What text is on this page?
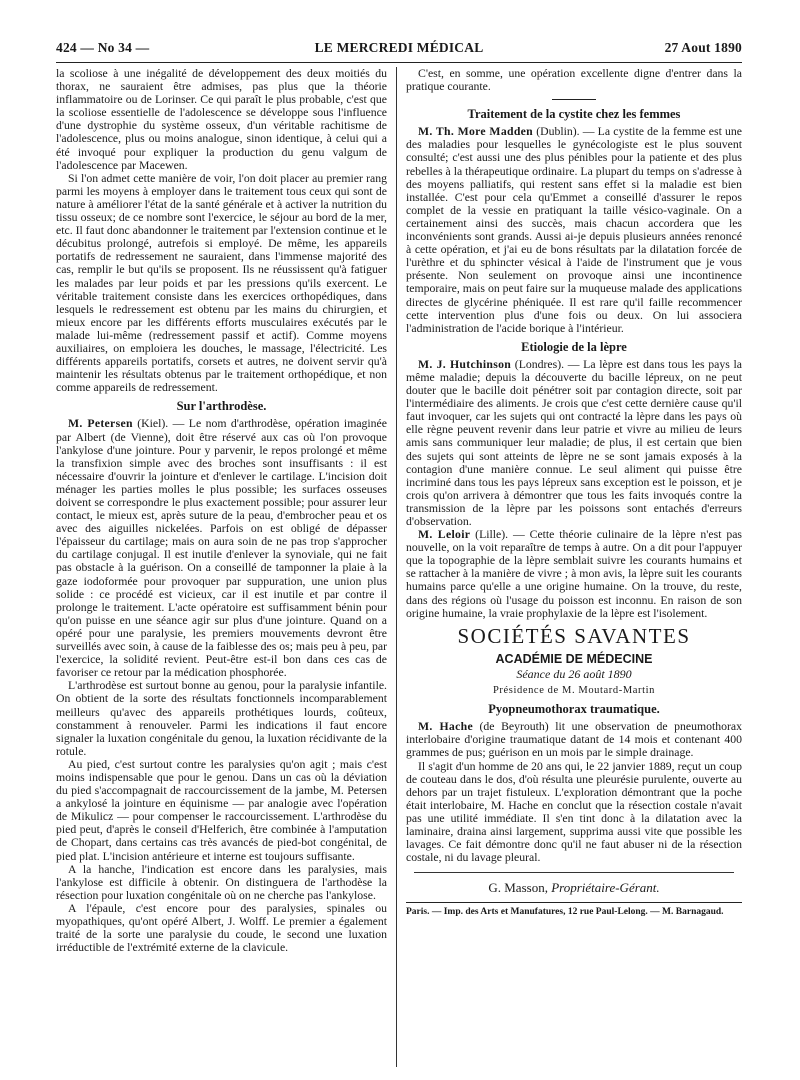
424 — No 34 —	LE MERCREDI MÉDICAL	27 Aout 1890

la scoliose à une inégalité de développement des deux moitiés du thorax, ne sauraient être admises, pas plus que la théorie inflammatoire ou de Lorinser. Ce qui paraît le plus probable, c'est que la scoliose essentielle de l'adolescence se développe sous l'influence d'une dystrophie du système osseux, d'un véritable rachitisme de l'adolescence, plus ou moins analogue, sinon identique, à celui qui a été invoqué pour expliquer la production du genu valgum de l'adolescence par Macewen.

Si l'on admet cette manière de voir, l'on doit placer au premier rang parmi les moyens à employer dans le traitement tous ceux qui sont de nature à améliorer l'état de la santé générale et à activer la nutrition du tissu osseux; de ce nombre sont l'exercice, le séjour au bord de la mer, etc. Il faut donc abandonner le traitement par l'extension continue et le décubitus prolongé, autrefois si employé. De même, les appareils portatifs de redressement ne sauraient, dans l'immense majorité des cas, remplir le but qu'ils se proposent. Ils ne réussissent qu'à fatiguer les malades par leur poids et par les pressions qu'ils exercent. Le véritable traitement consiste dans les exercices orthopédiques, dans lesquels le redressement est obtenu par les mains du chirurgien, et mieux encore par les différents efforts musculaires exécutés par le malade lui-même (redressement passif et actif). Comme moyens auxiliaires, on emploiera les douches, le massage, l'électricité. Les différents appareils portatifs, corsets et autres, ne doivent servir qu'à maintenir les résultats obtenus par le traitement orthopédique, et non comme appareils de redressement.

Sur l'arthrodèse.

M. Petersen (Kiel). — Le nom d'arthrodèse, opération imaginée par Albert (de Vienne), doit être réservé aux cas où l'on provoque l'ankylose d'une jointure. Pour y parvenir, le repos prolongé et même la transfixion simple avec des broches sont insuffisants : il est nécessaire d'ouvrir la jointure et d'enlever le cartilage. L'incision doit ménager les parties molles le plus possible; les surfaces osseuses doivent se correspondre le plus exactement possible; pour assurer leur contact, le mieux est, après suture de la peau, d'embrocher peau et os avec des aiguilles nickelées. Parfois on est obligé de dépasser l'épaisseur du cartilage; mais on aura soin de ne pas trop s'approcher du cartilage conjugal. Il est inutile d'enlever la synoviale, qui ne fait pas obstacle à la guérison. On a conseillé de tamponner la plaie à la gaze iodoformée pour provoquer par suppuration, une union plus solide : ce procédé est vicieux, car il est inutile et par contre il prolonge le traitement. L'acte opératoire est suffisamment bénin pour qu'on puisse en une séance agir sur plus d'une jointure. Quand on a opéré pour une paralysie, les premiers mouvements devront être surveillés avec soin, à cause de la faiblesse des os; mais peu à peu, par l'exercice, la solidité revient. Peut-être est-il bon dans ces cas de favoriser ce retour par la médication phosphorée.

L'arthrodèse est surtout bonne au genou, pour la paralysie infantile. On obtient de la sorte des résultats fonctionnels incomparablement meilleurs qu'avec des appareils prothétiques lourds, coûteux, constamment à renouveler. Parmi les indications il faut encore signaler la luxation congénitale du genou, la luxation récidivante de la rotule.

Au pied, c'est surtout contre les paralysies qu'on agit ; mais c'est moins indispensable que pour le genou. Dans un cas où la déviation du pied s'accompagnait de raccourcissement de la jambe, M. Petersen a ankylosé la jointure en équinisme — par analogie avec l'opération de Mikulicz — pour compenser le raccourcissement. L'arthrodèse du pied peut, d'après le conseil d'Helferich, être combinée à l'amputation de Chopart, dans certains cas très avancés de pied-bot congénital, de pied plat. L'incision antérieure et interne est toujours suffisante.

A la hanche, l'indication est encore dans les paralysies, mais l'ankylose est difficile à obtenir. On distinguera de l'arthodèse la résection pour luxation congénitale où on ne cherche pas l'ankylose.

A l'épaule, c'est encore pour des paralysies, spinales ou myopathiques, qu'ont opéré Albert, J. Wolff. Le premier a également traité de la sorte une paralysie du coude, le second une luxation irréductible de l'extrémité externe de la clavicule.

C'est, en somme, une opération excellente digne d'entrer dans la pratique courante.

Traitement de la cystite chez les femmes

M. Th. More Madden (Dublin). — La cystite de la femme est une des maladies pour lesquelles le gynécologiste est le plus souvent consulté; c'est aussi une des plus pénibles pour la patiente et des plus rebelles à la thérapeutique ordinaire. La plupart du temps on s'adresse à des moyens palliatifs, qui restent sans effet si la maladie est bien installée. C'est pour cela qu'Emmet a conseillé d'assurer le repos complet de la vessie en pratiquant la taille vésico-vaginale. On a certainement ainsi des succès, mais chacun accordera que les inconvénients sont grands. Aussi ai-je depuis plusieurs années renoncé à cette opération, et j'ai eu de bons résultats par la dilatation forcée de l'urèthre et du sphincter vésical à l'aide de l'instrument que je vous présente. Non seulement on provoque ainsi une incontinence temporaire, mais on peut faire sur la muqueuse malade des applications directes de glycérine phéniquée. Il est rare qu'il faille recommencer cette intervention plus d'une fois ou deux. On lui associera l'administration de l'acide borique à l'intérieur.

Etiologie de la lèpre

M. J. Hutchinson (Londres). — La lèpre est dans tous les pays la même maladie; depuis la découverte du bacille lépreux, on ne peut douter que le bacille doit pénétrer soit par contagion directe, soit par l'intermédiaire des aliments. Je crois que c'est cette dernière cause qu'il faut invoquer, car les sujets qui ont contracté la lèpre dans les pays où elle règne peuvent revenir dans leur patrie et vivre au milieu de leurs amis sans communiquer leur maladie; de plus, il est certain que bien des sujets qui sont atteints de lèpre ne se sont jamais exposés à la contagion d'une manière connue. Le seul aliment qui puisse être incriminé dans tous les pays lépreux sans exception est le poisson, et je crois qu'on arrivera à démontrer que tous les faits invoqués contre la transmission de la lèpre par les poissons sont entachés d'erreurs d'observation.

M. Leloir (Lille). — Cette théorie culinaire de la lèpre n'est pas nouvelle, on la voit reparaître de temps à autre. On a dit pour l'appuyer que la topographie de la lèpre semblait suivre les courants humains et se rattacher à la manière de vivre ; à mon avis, la lèpre suit les courants humains parce qu'elle a une origine humaine. On la trouve, du reste, dans des régions où l'usage du poisson est inconnu. En raison de son origine humaine, la vraie prophylaxie de la lèpre est l'isolement.

SOCIÉTÉS SAVANTES
ACADÉMIE DE MÉDECINE
Séance du 26 août 1890
Présidence de M. Moutard-Martin
Pyopneumothorax traumatique.

M. Hache (de Beyrouth) lit une observation de pneumothorax interlobaire d'origine traumatique datant de 14 mois et contenant 400 grammes de pus; guérison en un mois par le simple drainage.

Il s'agit d'un homme de 20 ans qui, le 22 janvier 1889, reçut un coup de couteau dans le dos, d'où résulta une pleurésie purulente, ouverte au dehors par un trajet fistuleux. L'exploration démontrant que la poche était interlobaire, M. Hache en conclut que la résection costale n'avait pas une utilité immédiate. Il s'en tint donc à la dilatation avec la laminaire, draina ainsi largement, supprima aussi vite que possible les lavages. Ce fait démontre donc qu'il ne faut abuser ni de la résection costale, ni du lavage pleural.

G. Masson, Propriétaire-Gérant.
Paris. — Imp. des Arts et Manufatures, 12 rue Paul-Lelong. — M. Barnagaud.
